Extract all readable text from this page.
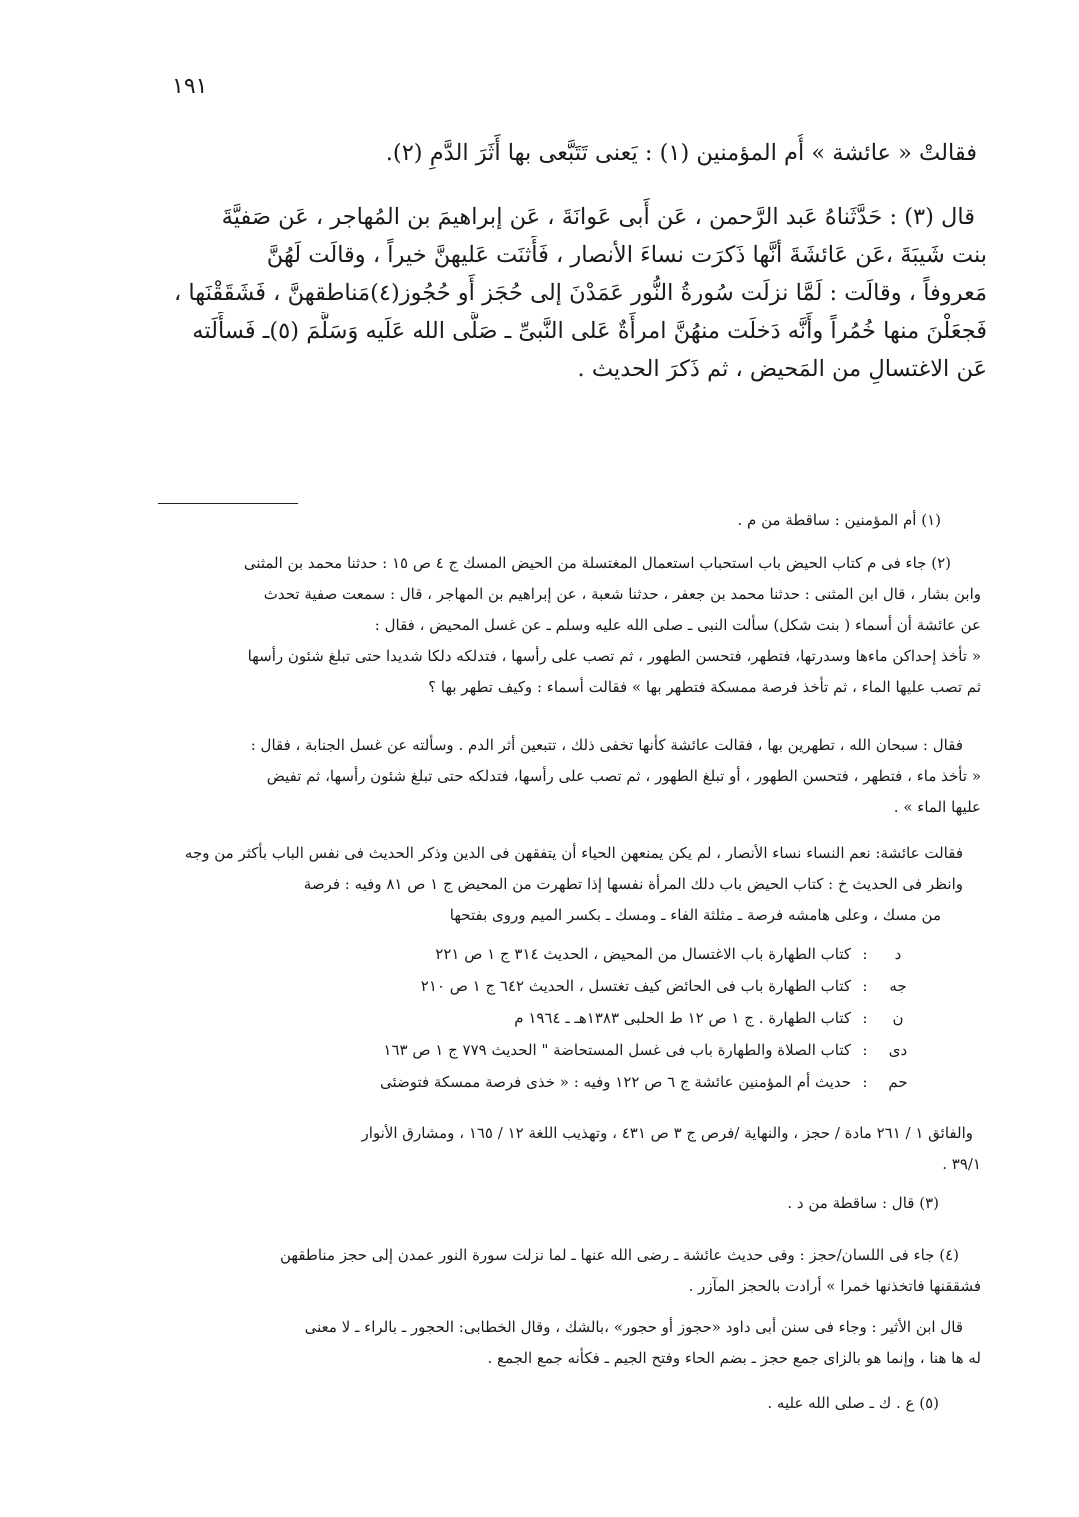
١٩١
فقالتْ « عائشة » أُم المؤمنين (١) : يَعنى تَتَبَّعى بها أَثَرَ الدَّمِ (٢).
قال (٣) : حَدَّثَناهُ عَبد الرَّحمن ، عَن أَبى عَوانَةَ ، عَن إبراهيمَ بن المُهاجر ، عَن صَفيَّةَ
بنت شَيبَةَ ،عَن عَائشَةَ أنَّها ذَكرَت نساءَ الأنصار ، فَأَثنَت عَليهنَّ خيراً ، وقالَت لَهُنَّ
مَعروفاً ، وقالَت : لَمَّا نزلَت سُورةُ النُّور عَمَدْنَ إلى حُجَز أَو حُجُوز(٤)مَناطقهنَّ ، فَشَقَقْنَها ،
فَجعَلْنَ منها خُمُراً وأَنَّه دَخلَت منهُنَّ امرأَةٌ عَلى النَّبىِّ ـ صَلَّى الله عَلَيه وَسَلَّمَ (٥)ـ فَسأَلَته
عَن الاغتسالِ من المَحيض ، ثم ذَكرَ الحديث .
(١) أم المؤمنين : ساقطة من م .
(٢) جاء فى م كتاب الحيض باب استحباب استعمال المغتسلة من الحيض المسك ج ٤ ص ١٥ : حدثنا محمد بن المثنى
وابن بشار ، قال ابن المثنى : حدثنا محمد بن جعفر ، حدثنا شعبة ، عن إبراهيم بن المهاجر ، قال : سمعت صفية تحدث
عن عائشة أن أسماء ( بنت شكل) سألت النبى ـ صلى الله عليه وسلم ـ عن غسل المحيض ، فقال :
« تأخذ إحداكن ماءها وسدرتها، فتطهر، فتحسن الطهور ، ثم تصب على رأسها ، فتدلكه دلكا شديدا حتى تبلغ شئون رأسها
ثم تصب عليها الماء ، ثم تأخذ فرصة ممسكة فتطهر بها » فقالت أسماء : وكيف تطهر بها ؟
فقال : سبحان الله ، تطهرين بها ، فقالت عائشة كأنها تخفى ذلك ، تتبعين أثر الدم . وسألته عن غسل الجنابة ، فقال :
« تأخذ ماء ، فتطهر ، فتحسن الطهور ، أو تبلغ الطهور ، ثم تصب على رأسها، فتدلكه حتى تبلغ شئون رأسها، ثم تفيض
عليها الماء » .
فقالت عائشة: نعم النساء نساء الأنصار ، لم يكن يمنعهن الحياء أن يتفقهن فى الدين وذكر الحديث فى نفس الباب بأكثر من وجه
وانظر فى الحديث خ : كتاب الحيض باب دلك المرأة نفسها إذا تطهرت من المحيض ج ١ ص ٨١ وفيه : فرصة
من مسك ، وعلى هامشه فرصة ـ مثلثة الفاء ـ ومسك ـ بكسر الميم وروى بفتحها
د
:
كتاب الطهارة باب الاغتسال من المحيض ، الحديث ٣١٤ ج ١ ص ٢٢١
جه
:
كتاب الطهارة باب فى الحائض كيف تغتسل ، الحديث ٦٤٢ ج ١ ص ٢١٠
ن
:
كتاب الطهارة . ج ١ ص ١٢ ط الحلبى ١٣٨٣هـ ـ ١٩٦٤ م
دى
:
كتاب الصلاة والطهارة باب فى غسل المستحاضة " الحديث ٧٧٩ ج ١ ص ١٦٣
حم
:
حديث أم المؤمنين عائشة ج ٦ ص ١٢٢ وفيه : « خذى فرصة ممسكة فتوضئى
والفائق ١ / ٢٦١ مادة / حجز ، والنهاية /فرص ج ٣ ص ٤٣١ ، وتهذيب اللغة ١٢ / ١٦٥ ، ومشارق الأنوار
٣٩/١ .
(٣) قال : ساقطة من د .
(٤) جاء فى اللسان/حجز : وفى حديث عائشة ـ رضى الله عنها ـ لما نزلت سورة النور عمدن إلى حجز مناطقهن
فشققنها فاتخذنها خمرا » أرادت بالحجز المآزر .
قال ابن الأثير : وجاء فى سنن أبى داود «حجوز أو حجور» ،بالشك ، وقال الخطابى: الحجور ـ بالراء ـ لا معنى
له ها هنا ، وإنما هو بالزاى جمع حجز ـ بضم الحاء وفتح الجيم ـ فكأنه جمع الجمع .
(٥) ع . ك ـ صلى الله عليه .
